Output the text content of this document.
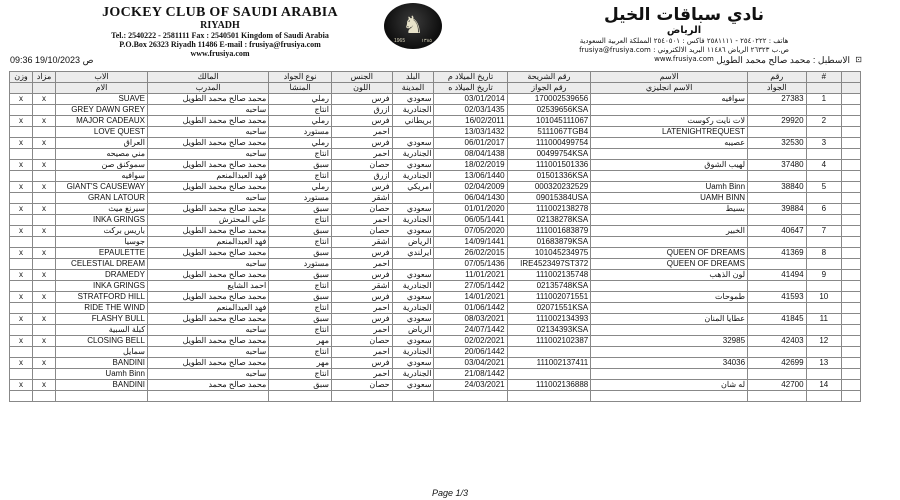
JOCKEY CLUB OF SAUDI ARABIA
RIYADH
Tel.: 2540222 - 2581111 Fax : 2540501 Kingdom of Saudi Arabia
P.O.Box 26323 Riyadh 11486 E-mail : frusiya@frusiya.com
www.frusiya.com
♞
1965	١٣٨٥
نادي سباقات الخيل
الرياض
هاتف : ٢٥٤٠٢٢٢ - ٢٥٨١١١١ فاكس : ٢٥٤٠٥٠١ المملكة العربية السعودية
ص.ب ٢٦٣٢٣ الرياض ١١٤٨٦ البريد الالكتروني : frusiya@frusiya.com
www.frusiya.com
09:36 19/10/2023 ص	الاسطبل : محمد صالح محمد الطويل ⊡
وزن	مزاد	الاب	المالك	نوع الجواد	الجنس	البلد	تاريخ الميلاد م	رقم الشريحة	الاسم	رقم	#	
		الام	المدرب	المنشأ	اللون	المدينة	تاريخ الميلاد ه	رقم الجواز	الاسم انجليزي	الجواد		
x	x	SUAVE	محمد صالح محمد الطويل	رملي	فرس	سعودي	03/01/2014	170002539656	سوافيه	27383	1	
		GREY DAWN GREY	ساحبه	انتاج	ازرق	الجنادرية	02/03/1435	02539656KSA				
x	x	MAJOR CADEAUX	محمد صالح محمد الطويل	رملي	فرس	بريطاني	16/02/2011	101045111067	لات نايت ركوست	29920	2	
		LOVE QUEST	ساحبه	مستورد	احمر		13/03/1432	5111067TGB4	LATENIGHTREQUEST			
x	x	العراق	محمد صالح محمد الطويل	رملي	فرس	سعودي	06/01/2017	111000499754	عصيبه	32530	3	
		مني مصيحه	ساحبه	انتاج	احمر	الجنادرية	08/04/1438	00499754KSA				
x	x	سموكنق صن	محمد صالح محمد الطويل	سبق	حصان	سعودي	18/02/2019	111001501336	لهيب الشوق	37480	4	
		سوافيه	فهد العبدالمنعم	انتاج	ازرق	الجنادرية	13/06/1440	01501336KSA				
x	x	GIANT'S CAUSEWAY	محمد صالح محمد الطويل	رملي	فرس	امريكي	02/04/2009	000320232529	Uamh Binn	38840	5	
		GRAN LATOUR	ساحبه	مستورد	اشقر		06/04/1430	09015384USA	UAMH BINN			
x	x	سيرنغ ميث	محمد صالح محمد الطويل	سبق	حصان	سعودي	01/01/2020	111002138278	بسيط	39884	6	
		INKA GRINGS	علي المحترش	انتاج	احمر	الجنادرية	06/05/1441	02138278KSA				
x	x	باريس بركت	محمد صالح محمد الطويل	سبق	حصان	سعودي	07/05/2020	111001683879	الخبير	40647	7	
		جوسيا	فهد العبدالمنعم	انتاج	اشقر	الرياض	14/09/1441	01683879KSA				
x	x	EPAULETTE	محمد صالح محمد الطويل	سبق	فرس	ايرلندي	26/02/2015	101045234975	QUEEN OF DREAMS	41369	8	
		CELESTIAL DREAM	ساحبه	مستورد	احمر		07/05/1436	IRE4523497ST372	QUEEN OF DREAMS			
x	x	DRAMEDY	محمد صالح محمد الطويل	سبق	فرس	سعودي	11/01/2021	111002135748	لون الذهب	41494	9	
		INKA GRINGS	احمد الشايع	انتاج	اشقر	الجنادرية	27/05/1442	02135748KSA				
x	x	STRATFORD HILL	محمد صالح محمد الطويل	سبق	فرس	سعودي	14/01/2021	111002071551	طموحات	41593	10	
		RIDE THE WIND	فهد العبدالمنعم	انتاج	احمر	الجنادرية	01/06/1442	02071551KSA				
x	x	FLASHY BULL	محمد صالح محمد الطويل	سبق	فرس	سعودي	08/03/2021	111002134393	عطايا المنان	41845	11	
		كبلة السبية	ساحبه	انتاج	احمر	الرياض	24/07/1442	02134393KSA				
x	x	CLOSING BELL	محمد صالح محمد الطويل	مهر	حصان	سعودي	02/02/2021	111002102387	32985	42403	12	
		سمايل	ساحبه	انتاج	احمر	الجنادرية	20/06/1442					
x	x	BANDINI	محمد صالح محمد الطويل	مهر	فرس	سعودي	03/04/2021	111002137411	34036	42699	13	
		Uamh Binn	ساحبه	انتاج	احمر	الجنادرية	21/08/1442					
x	x	BANDINI	محمد صالح محمد	سبق	حصان	سعودي	24/03/2021	111002136888	له شان	42700	14	

Page 1/3
